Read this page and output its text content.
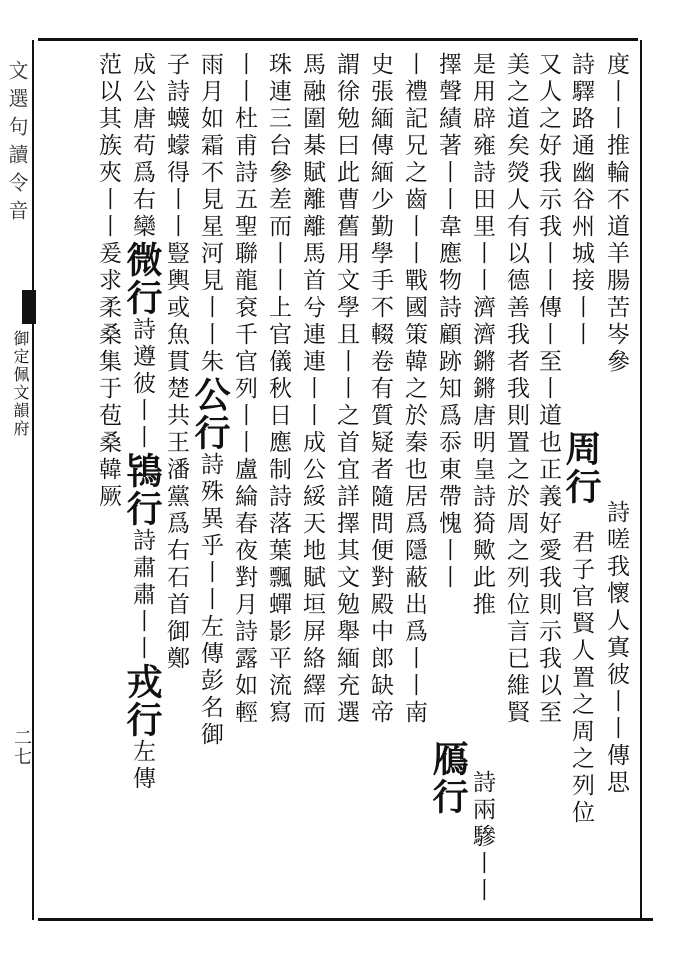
文選句讀令音
御定佩文韻府
二七
度丨丨推輪不道羊腸苦岑參
詩驛路通幽谷州城接丨丨
又人之好我示我丨丨傳丨至丨道也正義好愛我則示我以至
美之道矣熒人有以德善我者我則置之於周之列位言已維賢
是用辟雍詩田里丨丨濟濟鏘鏘唐明皇詩猗歟此推
擇聲績著丨丨韋應物詩顧跡知爲忝東帶愧丨丨
丨禮記兄之齒丨丨戰國策韓之於秦也居爲隱蔽出爲丨丨南
史張緬傳緬少勤學手不輟卷有質疑者隨問便對殿中郎缺帝
謂徐勉曰此曹舊用文學且丨丨之首宜詳擇其文勉舉緬充選
馬融圍棊賦離離馬首兮連連丨丨成公綏天地賦垣屏絡繹而
珠連三台參差而丨丨上官儀秋日應制詩落葉飄蟬影平流寫
丨丨杜甫詩五聖聯龍袞千官列丨丨盧綸春夜對月詩露如輕
雨月如霜不見星河見丨丨朱公行詩殊異乎丨丨左傳彭名御
子詩蠛蠓得丨丨豎輿或魚貫楚共王潘黨爲右石首御鄭
成公唐苟爲右欒微行詩遵彼丨丨鴇行詩肅肅丨丨戎行左傳
范以其族夾丨丨爰求柔桑集于苞桑韓厥	周行
詩嗟我懷人寘彼丨丨傳思
君子官賢人置之周之列位
鴈行 詩兩驂丨丨
